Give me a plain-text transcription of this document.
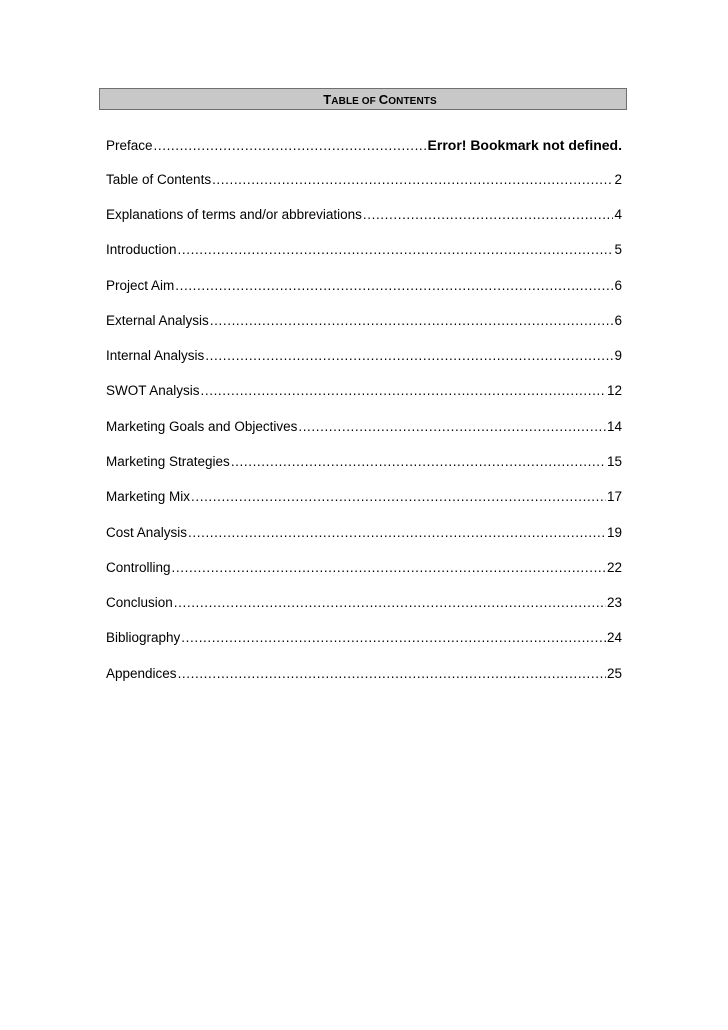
TABLE OF CONTENTS
Preface .....	Error! Bookmark not defined.
Table of Contents .....	2
Explanations of terms and/or abbreviations .....	4
Introduction .....	5
Project Aim .....	6
External Analysis .....	6
Internal Analysis .....	9
SWOT Analysis .....	12
Marketing Goals and Objectives .....	14
Marketing Strategies .....	15
Marketing Mix .....	17
Cost Analysis .....	19
Controlling .....	22
Conclusion .....	23
Bibliography .....	24
Appendices .....	25
